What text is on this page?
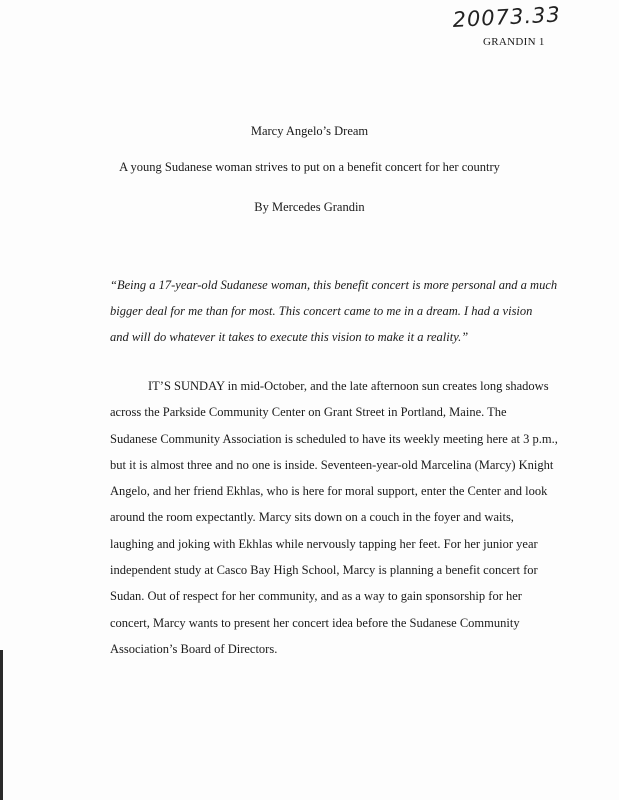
20073.33
GRANDIN 1
Marcy Angelo’s Dream
A young Sudanese woman strives to put on a benefit concert for her country
By Mercedes Grandin
“Being a 17-year-old Sudanese woman, this benefit concert is more personal and a much
bigger deal for me than for most. This concert came to me in a dream. I had a vision
and will do whatever it takes to execute this vision to make it a reality.”
IT’S SUNDAY in mid-October, and the late afternoon sun creates long shadows
across the Parkside Community Center on Grant Street in Portland, Maine. The
Sudanese Community Association is scheduled to have its weekly meeting here at 3 p.m.,
but it is almost three and no one is inside. Seventeen-year-old Marcelina (Marcy) Knight
Angelo, and her friend Ekhlas, who is here for moral support, enter the Center and look
around the room expectantly. Marcy sits down on a couch in the foyer and waits,
laughing and joking with Ekhlas while nervously tapping her feet. For her junior year
independent study at Casco Bay High School, Marcy is planning a benefit concert for
Sudan. Out of respect for her community, and as a way to gain sponsorship for her
concert, Marcy wants to present her concert idea before the Sudanese Community
Association’s Board of Directors.
